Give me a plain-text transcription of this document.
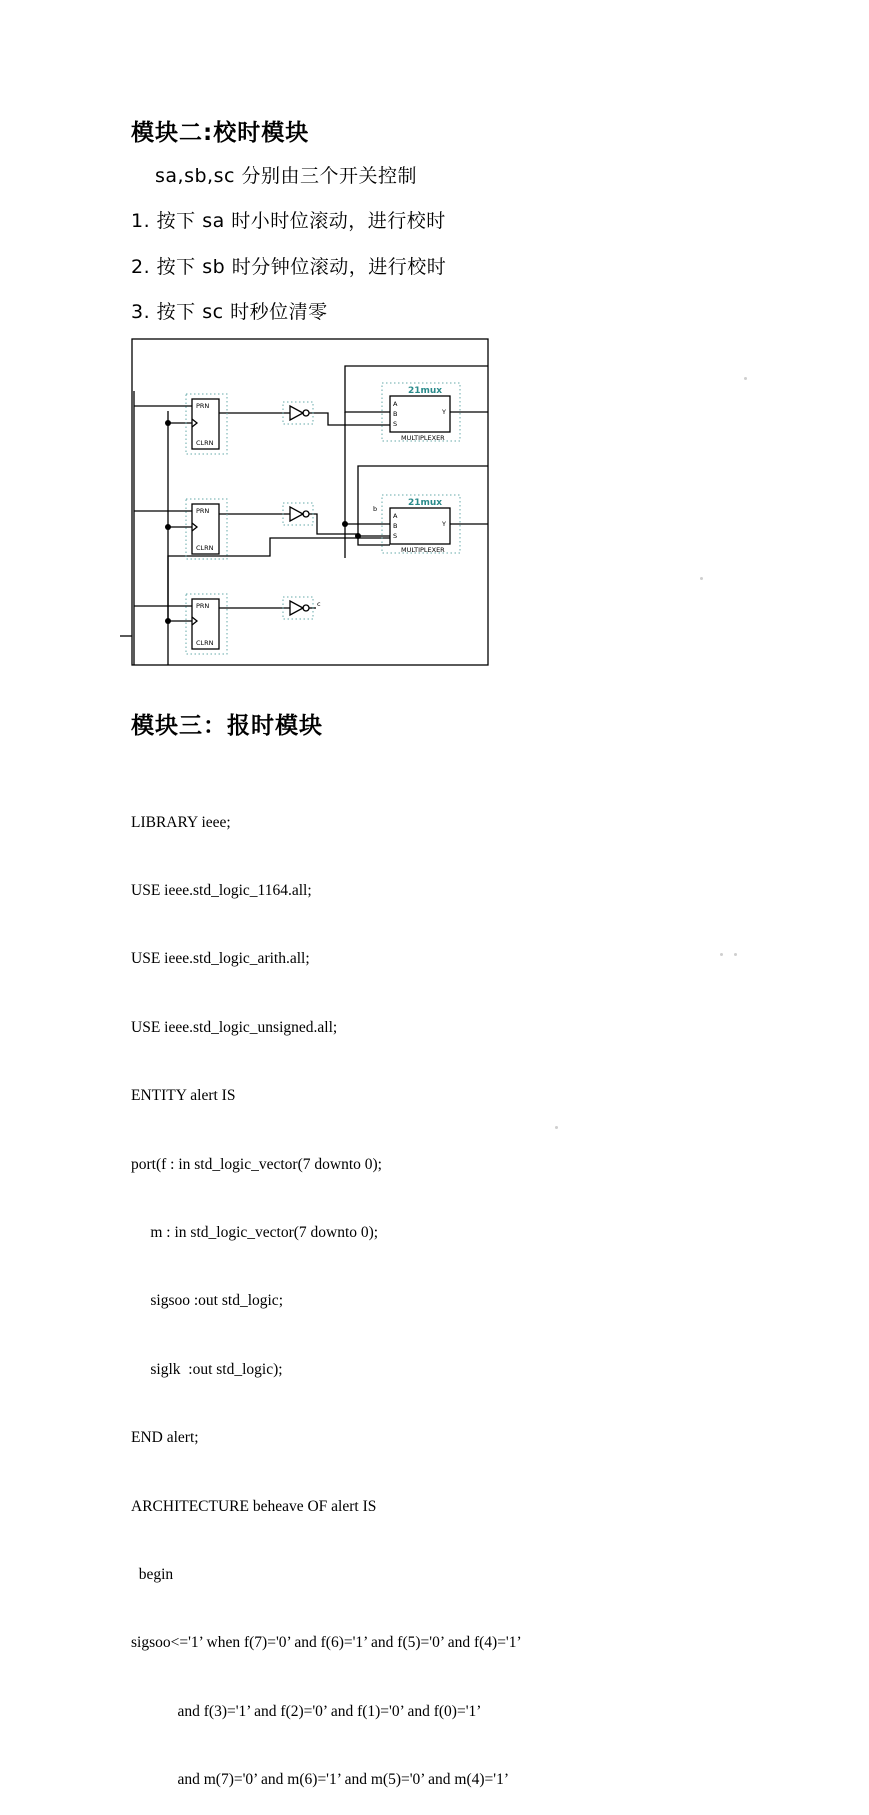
模块二:校时模块
sa,sb,sc 分别由三个开关控制
1. 按下 sa 时小时位滚动，进行校时
2. 按下 sb 时分钟位滚动，进行校时
3. 按下 sc 时秒位清零
PRN
CLRN
PRN
CLRN
PRN
CLRN
A
B
S
Y
MULTIPLEXER
A
B
S
Y
MULTIPLEXER
b
c
21mux
21mux
模块三：报时模块

LIBRARY ieee;

USE ieee.std_logic_1164.all;

USE ieee.std_logic_arith.all;

USE ieee.std_logic_unsigned.all;

ENTITY alert IS

port(f : in std_logic_vector(7 downto 0);

m : in std_logic_vector(7 downto 0);

sigsoo :out std_logic;

siglk  :out std_logic);

END alert;

ARCHITECTURE beheave OF alert IS

begin

sigsoo<='1’ when f(7)='0’ and f(6)='1’ and f(5)='0’ and f(4)='1’

and f(3)='1’ and f(2)='0’ and f(1)='0’ and f(0)='1’

and m(7)='0’ and m(6)='1’ and m(5)='0’ and m(4)='1’
